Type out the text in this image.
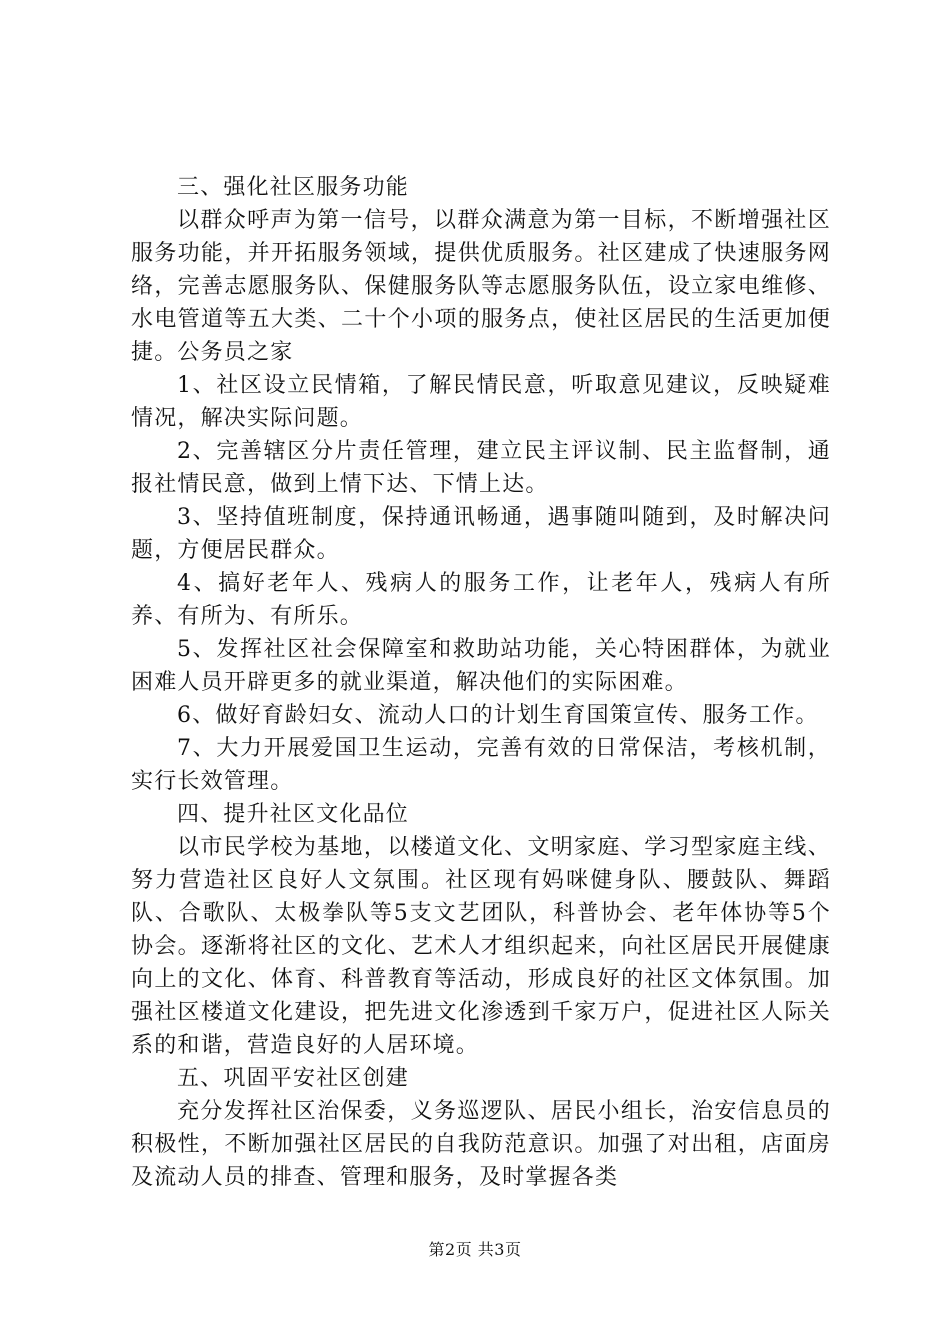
三、强化社区服务功能

以群众呼声为第一信号，以群众满意为第一目标，不断增强社区服务功能，并开拓服务领域，提供优质服务。社区建成了快速服务网络，完善志愿服务队、保健服务队等志愿服务队伍，设立家电维修、水电管道等五大类、二十个小项的服务点，使社区居民的生活更加便捷。公务员之家

1、社区设立民情箱，了解民情民意，听取意见建议，反映疑难情况，解决实际问题。

2、完善辖区分片责任管理，建立民主评议制、民主监督制，通报社情民意，做到上情下达、下情上达。

3、坚持值班制度，保持通讯畅通，遇事随叫随到，及时解决问题，方便居民群众。

4、搞好老年人、残病人的服务工作，让老年人，残病人有所养、有所为、有所乐。

5、发挥社区社会保障室和救助站功能，关心特困群体，为就业困难人员开辟更多的就业渠道，解决他们的实际困难。

6、做好育龄妇女、流动人口的计划生育国策宣传、服务工作。

7、大力开展爱国卫生运动，完善有效的日常保洁，考核机制，实行长效管理。

四、提升社区文化品位

以市民学校为基地，以楼道文化、文明家庭、学习型家庭主线、努力营造社区良好人文氛围。社区现有妈咪健身队、腰鼓队、舞蹈队、合歌队、太极拳队等5支文艺团队，科普协会、老年体协等5个协会。逐渐将社区的文化、艺术人才组织起来，向社区居民开展健康向上的文化、体育、科普教育等活动，形成良好的社区文体氛围。加强社区楼道文化建设，把先进文化渗透到千家万户，促进社区人际关系的和谐，营造良好的人居环境。

五、巩固平安社区创建

充分发挥社区治保委，义务巡逻队、居民小组长，治安信息员的积极性，不断加强社区居民的自我防范意识。加强了对出租，店面房及流动人员的排查、管理和服务，及时掌握各类

第2页 共3页
